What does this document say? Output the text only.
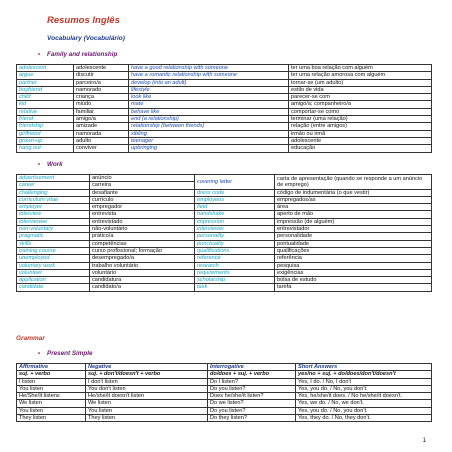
Resumos Inglês
Vocabulary (Vocabulário)
• Family and relationship
adolescent	adolescente	have a good relationship with someone	ter uma boa relação com alguém
argue	discutir	have a romantic relationship with someone	ter uma relação amorosa com alguém
partner	parceiro/a	develop (into an adult)	tornar-se (um adulto)
boyfriend	namorado	lifestyle	estilo de vida
child	criança	look like	parecer-se com
kid	miúdo	mate	amigo/a; companheiro/a
relative	familiar	behave like	comportar-se como
friend	amigo/a	end (a relationship)	terminar (uma relação)
friendship	amizade	relationship (between friends)	relação (entre amigos)
girlfriend	namorada	sibling	irmão ou irmã
grown-up	adulto	teenager	adolescente
hang out	conviver	upbringing	educação
• Work
advertisement	anúncio	covering letter	carta de apresentação (quando se responde a um anúncio de emprego)
career	carreira		
challenging	desafiante	dress code	código de indumentária (o que vestir)
curriculum vitae	currículo	employees	empregados/as
employer	empregador	field	área
interview	entrevista	handshake	aperto de mão
interviewee	entrevistado	impression	impressão (de alguém)
non-voluntary	não-voluntário	interviewer	entrevistador
pragmatic	prático/a	personality	personalidade
skills	competências	punctuality	pontualidade
training course	curso profissional; formação	qualifications	qualificações
unemployed	desempregado/a	reference	referência
voluntary work	trabalho voluntário	research	pesquisa
volunteer	voluntário	requirements	exigências
application	candidatura	scholarship	bolsa de estudo
candidate	candidato/a	task	tarefa
Grammar
• Present Simple
Affirmative	Negative	Interrogative	Short Answers
suj. + verbo	suj. + don't/doesn't + verbo	do/does + suj. + verbo	yes/no + suj. + do/does/don't/doesn't
I listen	I don't listen	Do I listen?	Yes, I do. / No, I don't
You listen	You don't listen	Do you listen?	Yes, you do. / No, you don't.
He/She/It listens	He/she/it doesn't listen	Does he/she/it listen?	Yes, he/she/it does. / No he/she/it doesn't.
We listen	We listen	Do we listen?	Yes, we do. / No, we don't.
You listen	You listen	Do you listen?	Yes, you do. / No, you don't.
They listen	They listen	Do they listen?	Yes, they do. / No, they don't.
1
